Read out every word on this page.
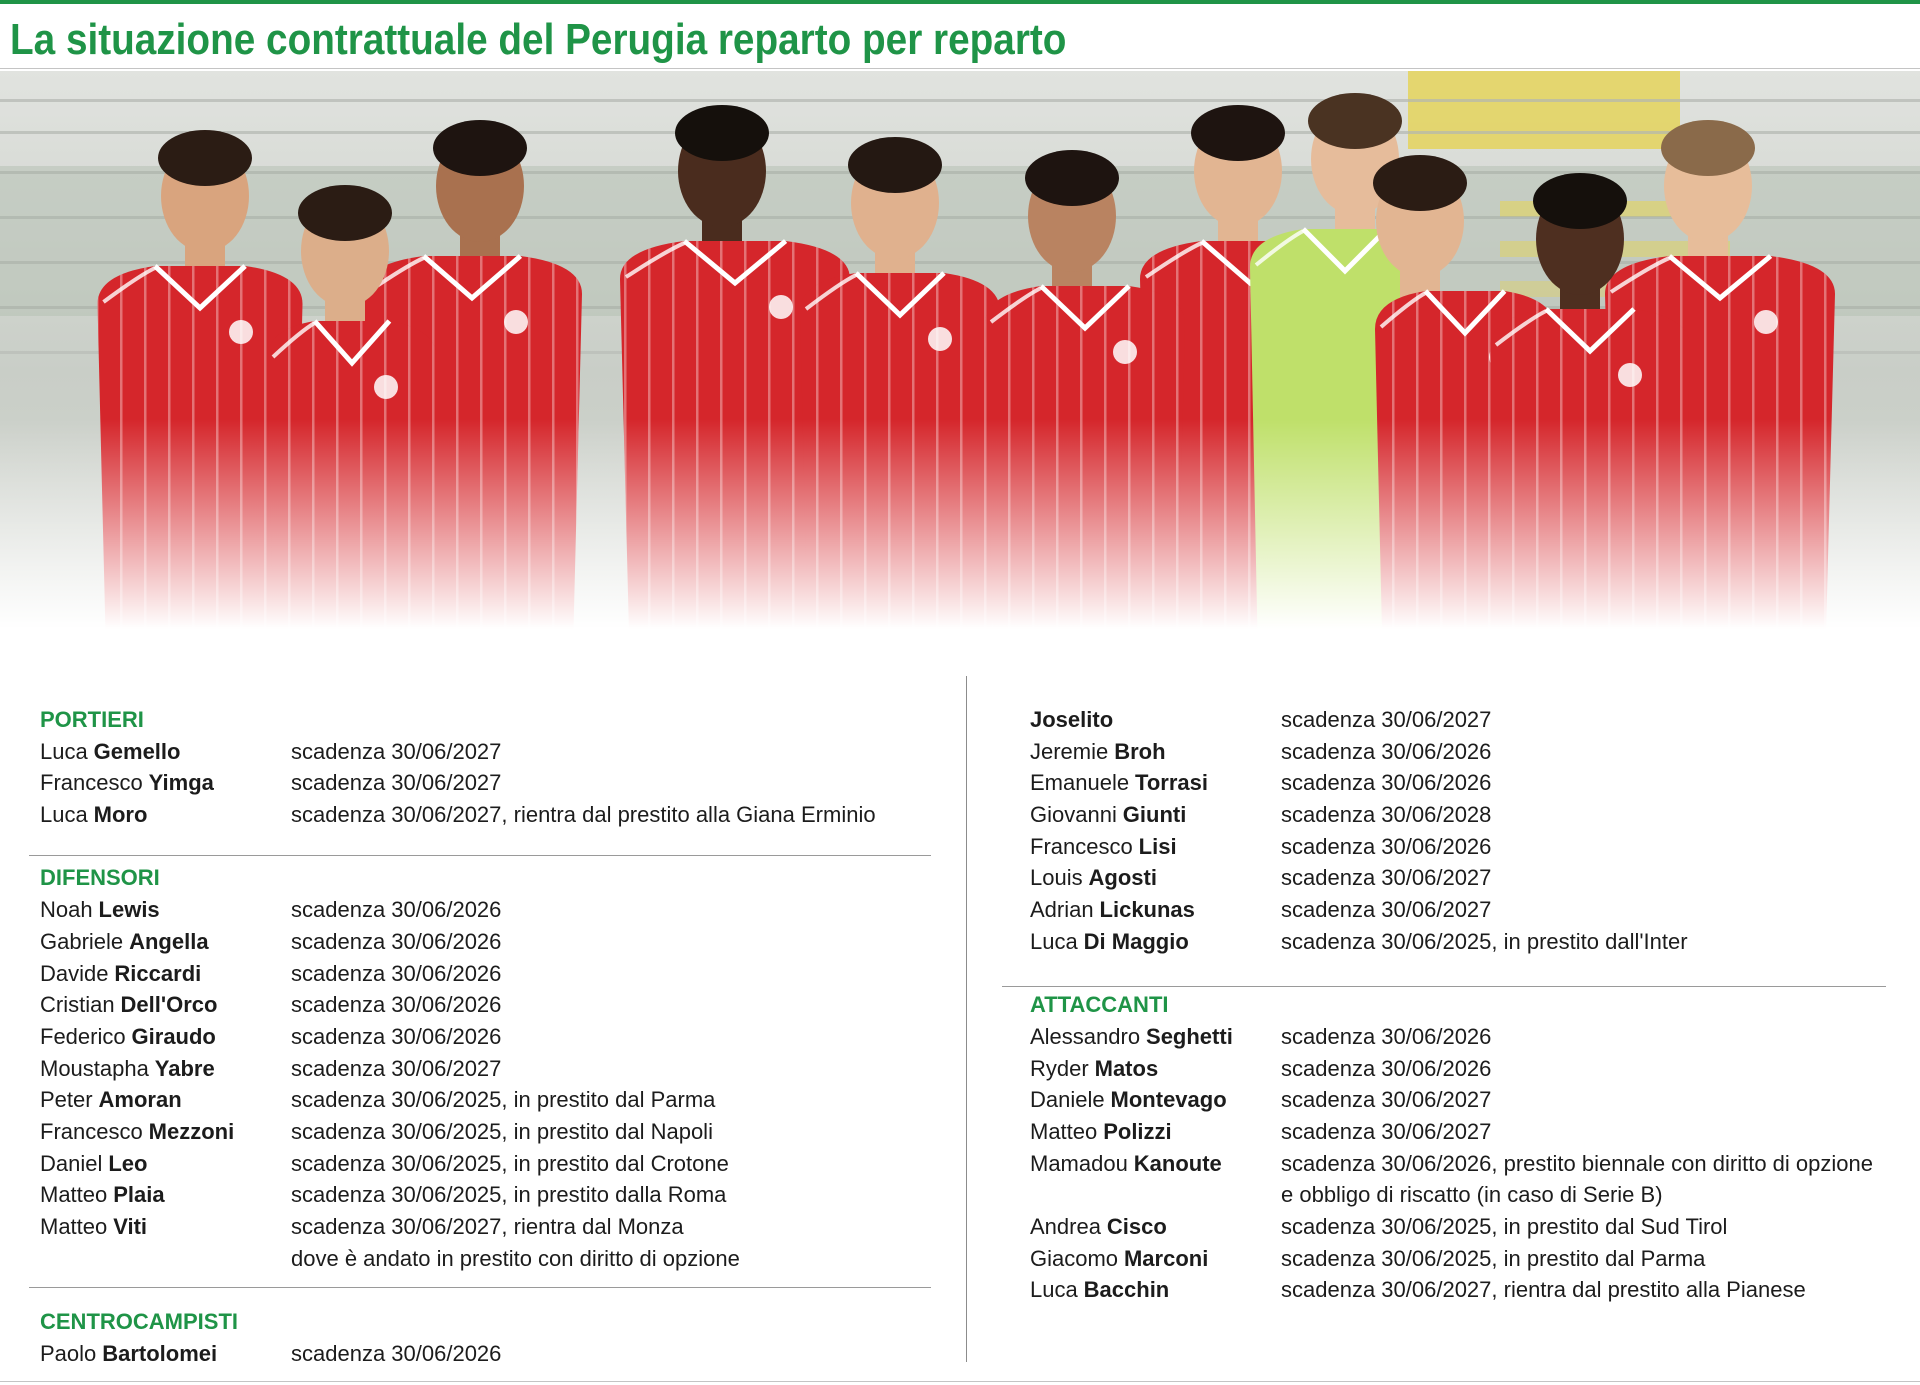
La situazione contrattuale del Perugia reparto per reparto
PORTIERI
Luca Gemello	scadenza 30/06/2027
Francesco Yimga	scadenza 30/06/2027
Luca Moro	scadenza 30/06/2027, rientra dal prestito alla Giana Erminio
DIFENSORI
Noah Lewis	scadenza 30/06/2026
Gabriele Angella	scadenza 30/06/2026
Davide Riccardi	scadenza 30/06/2026
Cristian Dell'Orco	scadenza 30/06/2026
Federico Giraudo	scadenza 30/06/2026
Moustapha Yabre	scadenza 30/06/2027
Peter Amoran	scadenza 30/06/2025, in prestito dal Parma
Francesco Mezzoni	scadenza 30/06/2025, in prestito dal Napoli
Daniel Leo	scadenza 30/06/2025, in prestito dal Crotone
Matteo Plaia	scadenza 30/06/2025, in prestito dalla Roma
Matteo Viti	scadenza 30/06/2027, rientra dal Monza
dove è andato in prestito con diritto di opzione
CENTROCAMPISTI
Paolo Bartolomei	scadenza 30/06/2026
Joselito	scadenza 30/06/2027
Jeremie Broh	scadenza 30/06/2026
Emanuele Torrasi	scadenza 30/06/2026
Giovanni Giunti	scadenza 30/06/2028
Francesco Lisi	scadenza 30/06/2026
Louis Agosti	scadenza 30/06/2027
Adrian Lickunas	scadenza 30/06/2027
Luca Di Maggio	scadenza 30/06/2025, in prestito dall'Inter
ATTACCANTI
Alessandro Seghetti	scadenza 30/06/2026
Ryder Matos	scadenza 30/06/2026
Daniele Montevago	scadenza 30/06/2027
Matteo Polizzi	scadenza 30/06/2027
Mamadou Kanoute	scadenza 30/06/2026, prestito biennale con diritto di opzione
e obbligo di riscatto (in caso di Serie B)
Andrea Cisco	scadenza 30/06/2025, in prestito dal Sud Tirol
Giacomo Marconi	scadenza 30/06/2025, in prestito dal Parma
Luca Bacchin	scadenza 30/06/2027, rientra dal prestito alla Pianese
